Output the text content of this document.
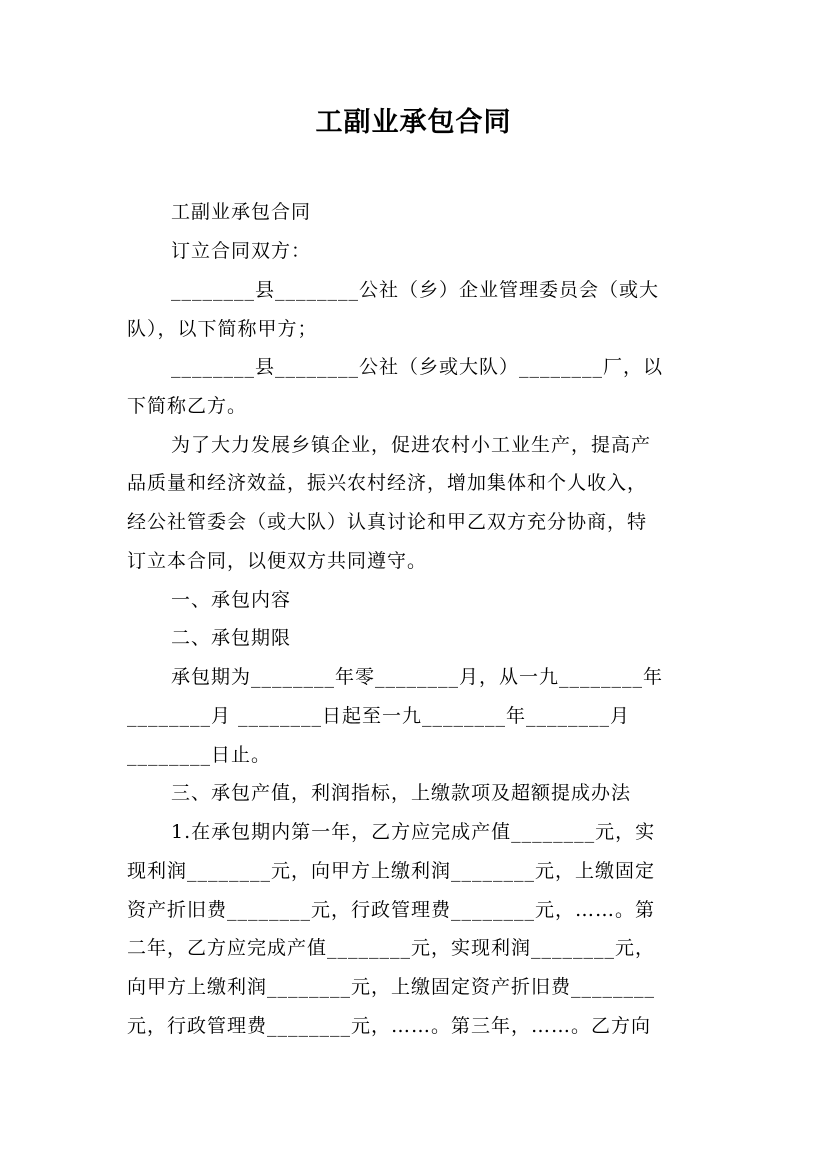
工副业承包合同
工副业承包合同
订立合同双方：
________县________公社（乡）企业管理委员会（或大
队），以下简称甲方；
________县________公社（乡或大队）________厂，以
下简称乙方。
为了大力发展乡镇企业，促进农村小工业生产，提高产
品质量和经济效益，振兴农村经济，增加集体和个人收入，
经公社管委会（或大队）认真讨论和甲乙双方充分协商，特
订立本合同，以便双方共同遵守。
一、承包内容
二、承包期限
承包期为________年零________月，从一九________年
________月 ________日起至一九________年________月
________日止。
三、承包产值，利润指标，上缴款项及超额提成办法
1.在承包期内第一年，乙方应完成产值________元，实
现利润________元，向甲方上缴利润________元，上缴固定
资产折旧费________元，行政管理费________元，……。第
二年，乙方应完成产值________元，实现利润________元，
向甲方上缴利润________元，上缴固定资产折旧费________
元，行政管理费________元，……。第三年，……。乙方向
